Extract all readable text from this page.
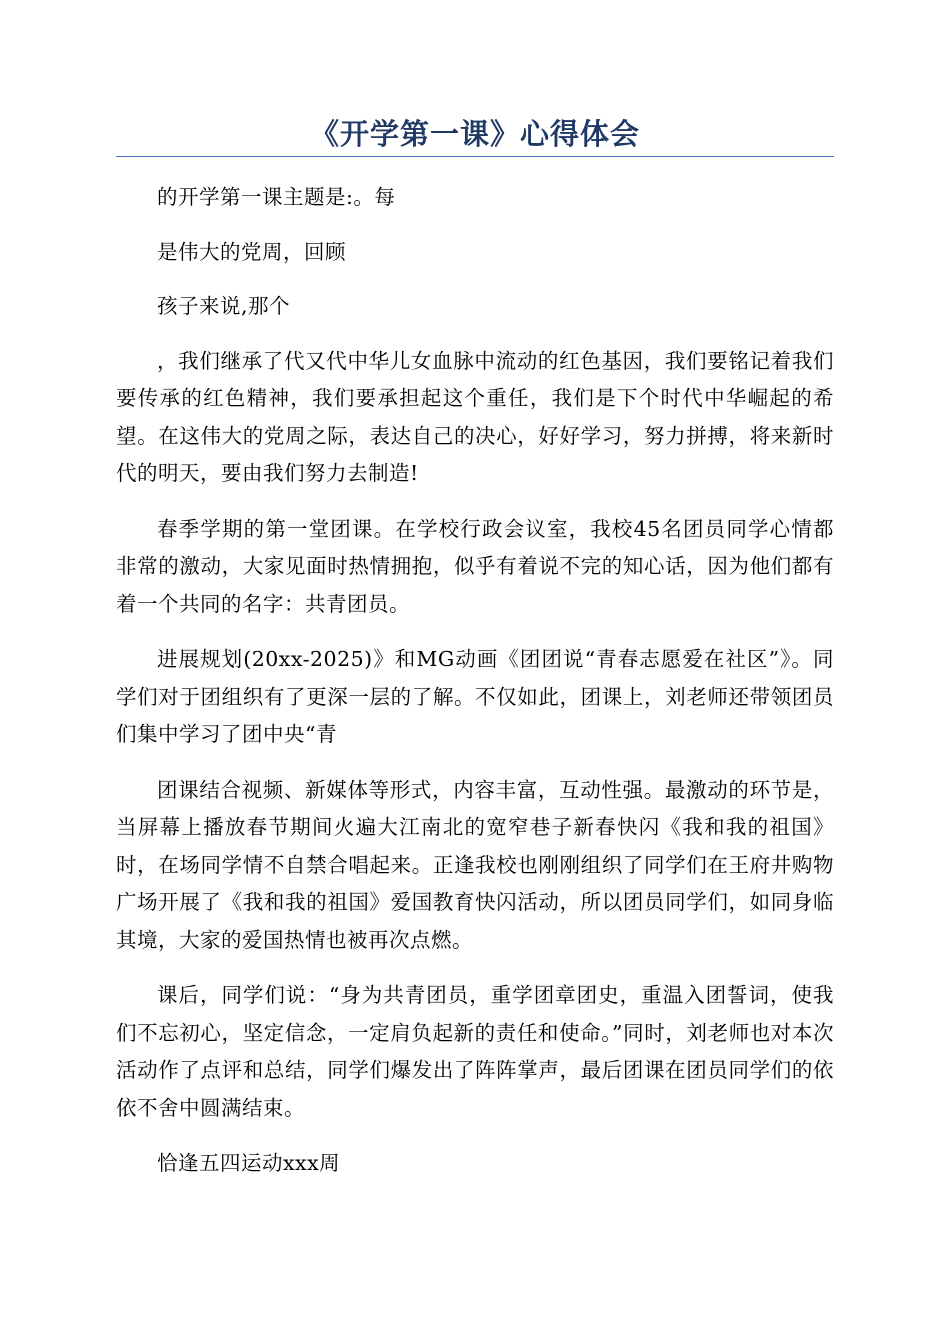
《开学第一课》心得体会

的开学第一课主题是:。每

是伟大的党周，回顾

孩子来说,那个

，我们继承了代又代中华儿女血脉中流动的红色基因，我们要铭记着我们要传承的红色精神，我们要承担起这个重任，我们是下个时代中华崛起的希望。在这伟大的党周之际，表达自己的决心，好好学习，努力拼搏，将来新时代的明天，要由我们努力去制造!

春季学期的第一堂团课。在学校行政会议室，我校45名团员同学心情都非常的激动，大家见面时热情拥抱，似乎有着说不完的知心话，因为他们都有着一个共同的名字：共青团员。

进展规划(20xx-2025)》和MG动画《团团说“青春志愿爱在社区”》。同学们对于团组织有了更深一层的了解。不仅如此，团课上，刘老师还带领团员们集中学习了团中央“青

团课结合视频、新媒体等形式，内容丰富，互动性强。最激动的环节是，当屏幕上播放春节期间火遍大江南北的宽窄巷子新春快闪《我和我的祖国》时，在场同学情不自禁合唱起来。正逢我校也刚刚组织了同学们在王府井购物广场开展了《我和我的祖国》爱国教育快闪活动，所以团员同学们，如同身临其境，大家的爱国热情也被再次点燃。

课后，同学们说：“身为共青团员，重学团章团史，重温入团誓词，使我们不忘初心，坚定信念，一定肩负起新的责任和使命。”同时，刘老师也对本次活动作了点评和总结，同学们爆发出了阵阵掌声，最后团课在团员同学们的依依不舍中圆满结束。

恰逢五四运动xxx周
